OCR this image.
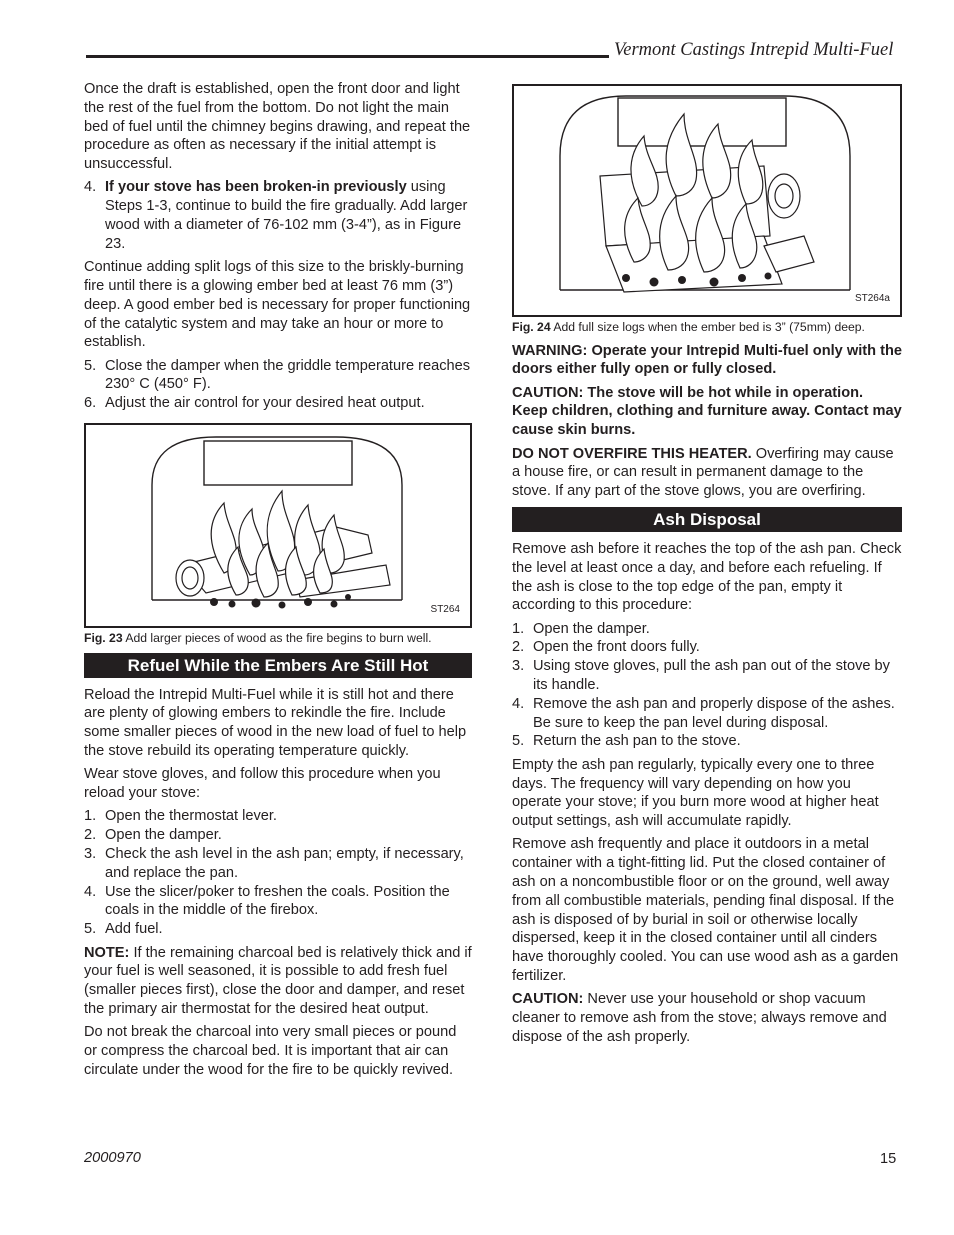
Vermont Castings Intrepid Multi-Fuel

Once the draft is established, open the front door and light the rest of the fuel from the bottom. Do not light the main bed of fuel until the chimney begins drawing, and repeat the procedure as often as necessary if the initial attempt is unsuccessful.

4. If your stove has been broken-in previously using Steps 1-3, continue to build the fire gradually. Add larger wood with a diameter of 76-102 mm (3-4”), as in Figure 23.

Continue adding split logs of this size to the briskly-burning fire until there is a glowing ember bed at least 76 mm (3”) deep. A good ember bed is necessary for proper functioning of the catalytic system and may take an hour or more to establish.

5. Close the damper when the griddle temperature reaches 230° C (450° F).
6. Adjust the air control for your desired heat output.
ST264
Fig. 23 Add larger pieces of wood as the fire begins to burn well.
Refuel While the Embers Are Still Hot

Reload the Intrepid Multi-Fuel while it is still hot and there are plenty of glowing embers to rekindle the fire. Include some smaller pieces of wood in the new load of fuel to help the stove rebuild its operating temperature quickly.

Wear stove gloves, and follow this procedure when you reload your stove:

1. Open the thermostat lever.
2. Open the damper.
3. Check the ash level in the ash pan; empty, if necessary, and replace the pan.
4. Use the slicer/poker to freshen the coals. Position the coals in the middle of the firebox.
5. Add fuel.

NOTE: If the remaining charcoal bed is relatively thick and if your fuel is well seasoned, it is possible to add fresh fuel (smaller pieces first), close the door and damper, and reset the primary air thermostat for the desired heat output.

Do not break the charcoal into very small pieces or pound or compress the charcoal bed. It is important that air can circulate under the wood for the fire to be quickly revived.

ST264a
Fig. 24 Add full size logs when the ember bed is 3” (75mm) deep.

WARNING: Operate your Intrepid Multi-fuel only with the doors either fully open or fully closed.

CAUTION: The stove will be hot while in operation. Keep children, clothing and furniture away. Contact may cause skin burns.

DO NOT OVERFIRE THIS HEATER. Overfiring may cause a house fire, or can result in permanent damage to the stove. If any part of the stove glows, you are overfiring.

Ash Disposal

Remove ash before it reaches the top of the ash pan. Check the level at least once a day, and before each refueling. If the ash is close to the top edge of the pan, empty it according to this procedure:

1. Open the damper.
2. Open the front doors fully.
3. Using stove gloves, pull the ash pan out of the stove by its handle.
4. Remove the ash pan and properly dispose of the ashes. Be sure to keep the pan level during disposal.
5. Return the ash pan to the stove.

Empty the ash pan regularly, typically every one to three days. The frequency will vary depending on how you operate your stove; if you burn more wood at higher heat output settings, ash will accumulate rapidly.

Remove ash frequently and place it outdoors in a metal container with a tight-fitting lid. Put the closed container of ash on a noncombustible floor or on the ground, well away from all combustible materials, pending final disposal. If the ash is disposed of by burial in soil or otherwise locally dispersed, keep it in the closed container until all cinders have thoroughly cooled. You can use wood ash as a garden fertilizer.

CAUTION: Never use your household or shop vacuum cleaner to remove ash from the stove; always remove and dispose of the ash properly.

2000970	15
